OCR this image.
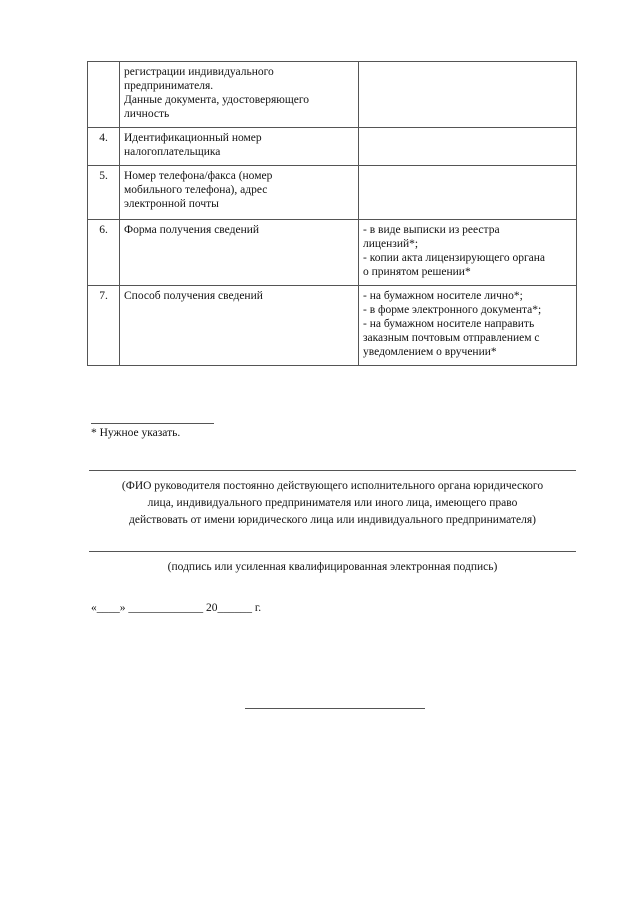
	регистрации индивидуального
предпринимателя.
Данные документа, удостоверяющего
личность	
4.	Идентификационный номер
налогоплательщика	
5.	Номер телефона/факса (номер
мобильного телефона), адрес
электронной почты	
6.	Форма получения сведений	- в виде выписки из реестра
лицензий*;
- копии акта лицензирующего органа
о принятом решении*
7.	Способ получения сведений	- на бумажном носителе лично*;
- в форме электронного документа*;
- на бумажном носителе направить
заказным почтовым отправлением с
уведомлением о вручении*
* Нужное указать.
(ФИО руководителя постоянно действующего исполнительного органа юридического
лица, индивидуального предпринимателя или иного лица, имеющего право
действовать от имени юридического лица или индивидуального предпринимателя)
(подпись или усиленная квалифицированная электронная подпись)
«____» _____________ 20______ г.
